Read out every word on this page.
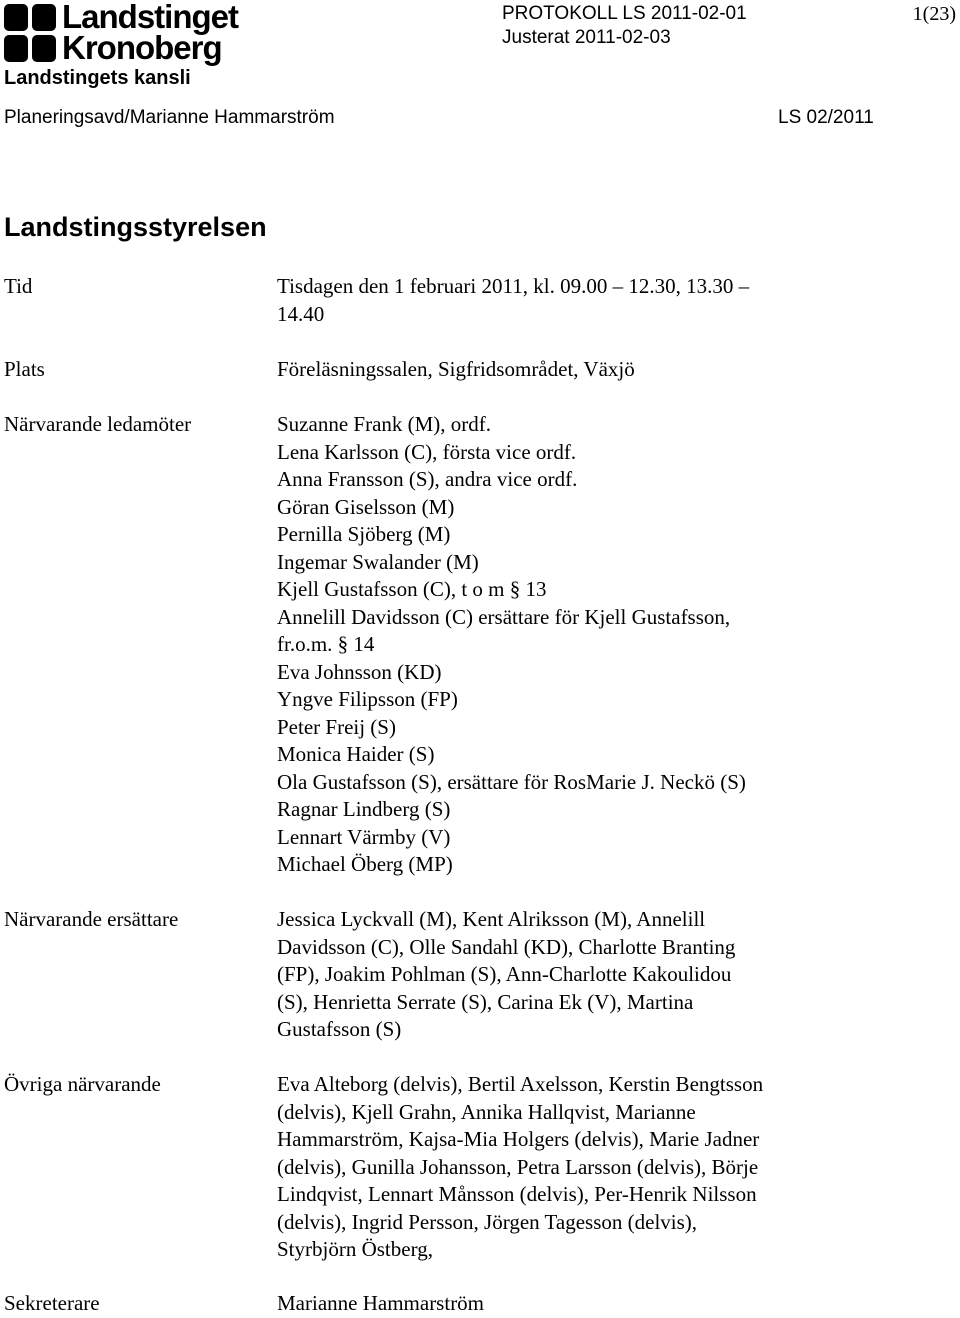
Landstinget
Kronoberg
PROTOKOLL LS 2011-02-01
Justerat 2011-02-03
1(23)
Landstingets kansli
Planeringsavd/Marianne Hammarström	LS 02/2011
Landstingsstyrelsen
Tid	Tisdagen den 1 februari 2011, kl. 09.00 – 12.30, 13.30 –
14.40
Plats	Föreläsningssalen, Sigfridsområdet, Växjö
Närvarande ledamöter	Suzanne Frank (M), ordf.
Lena Karlsson (C), första vice ordf.
Anna Fransson (S), andra vice ordf.
Göran Giselsson (M)
Pernilla Sjöberg (M)
Ingemar Swalander (M)
Kjell Gustafsson (C), t o m § 13
Annelill Davidsson (C) ersättare för Kjell Gustafsson,
fr.o.m. § 14
Eva Johnsson (KD)
Yngve Filipsson (FP)
Peter Freij (S)
Monica Haider (S)
Ola Gustafsson (S), ersättare för RosMarie J. Neckö (S)
Ragnar Lindberg (S)
Lennart Värmby (V)
Michael Öberg (MP)
Närvarande ersättare	Jessica Lyckvall (M), Kent Alriksson (M), Annelill
Davidsson (C), Olle Sandahl (KD), Charlotte Branting
(FP), Joakim Pohlman (S), Ann-Charlotte Kakoulidou
(S), Henrietta Serrate (S), Carina Ek (V), Martina
Gustafsson (S)
Övriga närvarande	Eva Alteborg (delvis), Bertil Axelsson, Kerstin Bengtsson
(delvis), Kjell Grahn, Annika Hallqvist, Marianne
Hammarström, Kajsa-Mia Holgers (delvis), Marie Jadner
(delvis), Gunilla Johansson, Petra Larsson (delvis), Börje
Lindqvist, Lennart Månsson (delvis), Per-Henrik Nilsson
(delvis), Ingrid Persson, Jörgen Tagesson (delvis),
Styrbjörn Östberg,
Sekreterare	Marianne Hammarström
